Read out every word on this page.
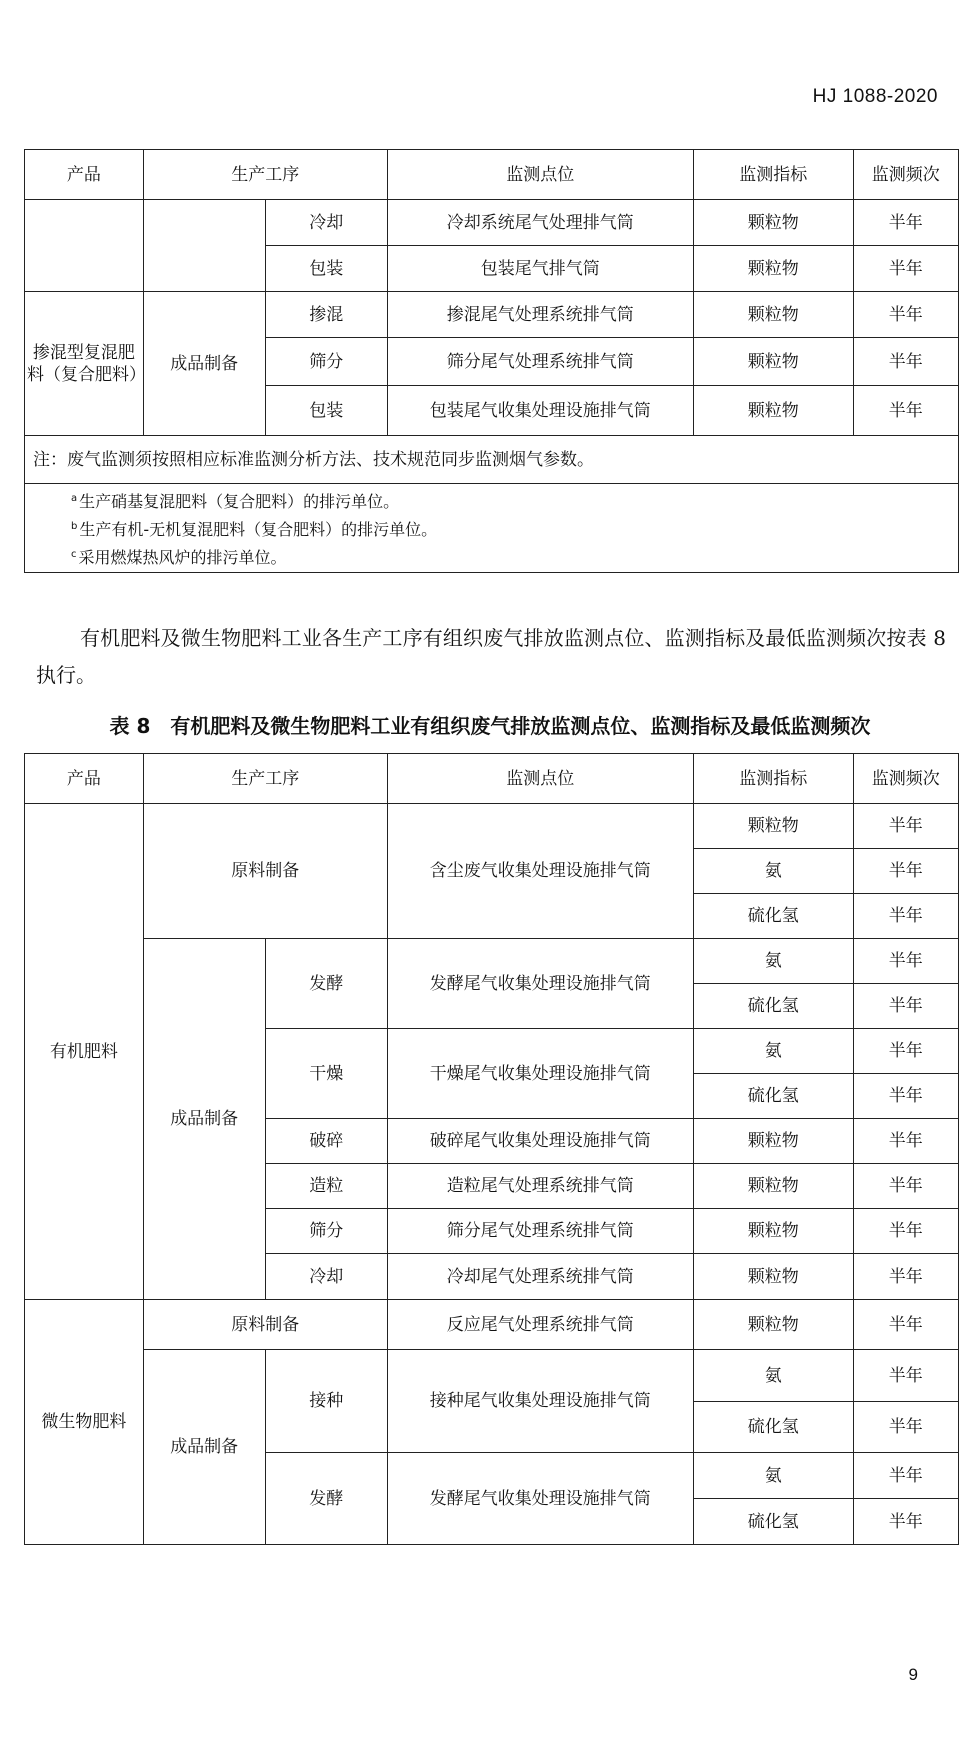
HJ 1088-2020
产品	生产工序		监测点位	监测指标	监测频次
		冷却	冷却系统尾气处理排气筒	颗粒物	半年
		包装	包装尾气排气筒	颗粒物	半年
掺混型复混肥料（复合肥料）	成品制备	掺混	掺混尾气处理系统排气筒	颗粒物	半年
		筛分	筛分尾气处理系统排气筒	颗粒物	半年
		包装	包装尾气收集处理设施排气筒	颗粒物	半年
注：废气监测须按照相应标准监测分析方法、技术规范同步监测烟气参数。					

$^a$ 生产硝基复混肥料（复合肥料）的排污单位。
$^b$ 生产有机-无机复混肥料（复合肥料）的排污单位。
$^c$ 采用燃煤热风炉的排污单位。					
有机肥料及微生物肥料工业各生产工序有组织废气排放监测点位、监测指标及最低监测频次按表 8 执行。
表 8　有机肥料及微生物肥料工业有组织废气排放监测点位、监测指标及最低监测频次
产品	生产工序		监测点位	监测指标	监测频次
有机肥料	原料制备		含尘废气收集处理设施排气筒	颗粒物	半年
				氨	半年
				硫化氢	半年
	成品制备	发酵	发酵尾气收集处理设施排气筒	氨	半年
				硫化氢	半年
		干燥	干燥尾气收集处理设施排气筒	氨	半年
				硫化氢	半年
		破碎	破碎尾气收集处理设施排气筒	颗粒物	半年
		造粒	造粒尾气处理系统排气筒	颗粒物	半年
		筛分	筛分尾气处理系统排气筒	颗粒物	半年
		冷却	冷却尾气处理系统排气筒	颗粒物	半年
微生物肥料	原料制备		反应尾气处理系统排气筒	颗粒物	半年
	成品制备	接种	接种尾气收集处理设施排气筒	氨	半年
				硫化氢	半年
		发酵	发酵尾气收集处理设施排气筒	氨	半年
				硫化氢	半年
9
